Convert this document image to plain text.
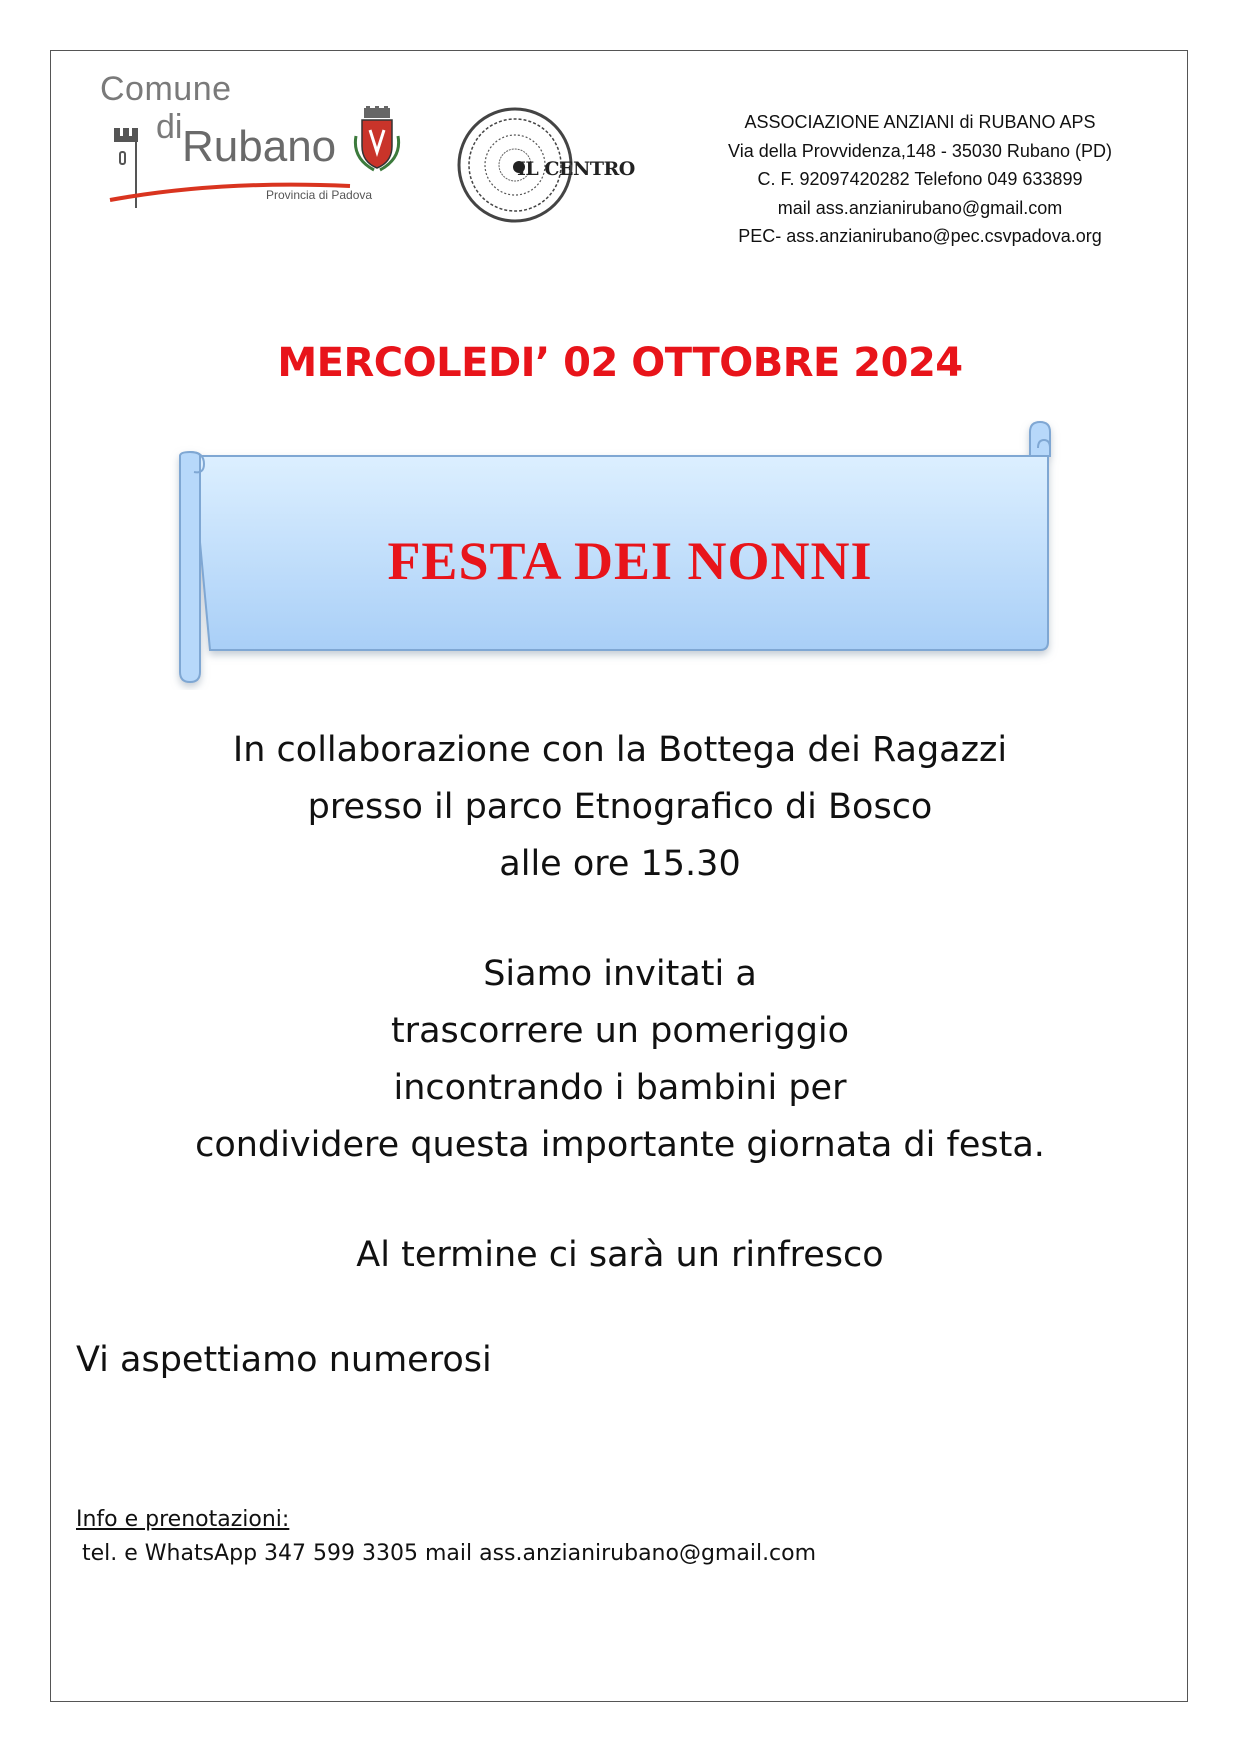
Comune
di Rubano
Provincia di Padova
IL CENTRO
ASSOCIAZIONE ANZIANI di RUBANO APS
Via della Provvidenza,148 - 35030 Rubano (PD)
C. F. 92097420282 Telefono 049 633899
mail ass.anzianirubano@gmail.com
PEC- ass.anzianirubano@pec.csvpadova.org
MERCOLEDI’ 02 OTTOBRE 2024
FESTA DEI NONNI
In collaborazione con la Bottega dei Ragazzi
presso il parco Etnografico di Bosco
alle ore 15.30
Siamo invitati a
trascorrere un pomeriggio
incontrando i bambini per
condividere questa importante giornata di festa.
Al termine ci sarà un rinfresco
Vi aspettiamo numerosi
Info e prenotazioni:
tel. e WhatsApp 347 599 3305 mail ass.anzianirubano@gmail.com
